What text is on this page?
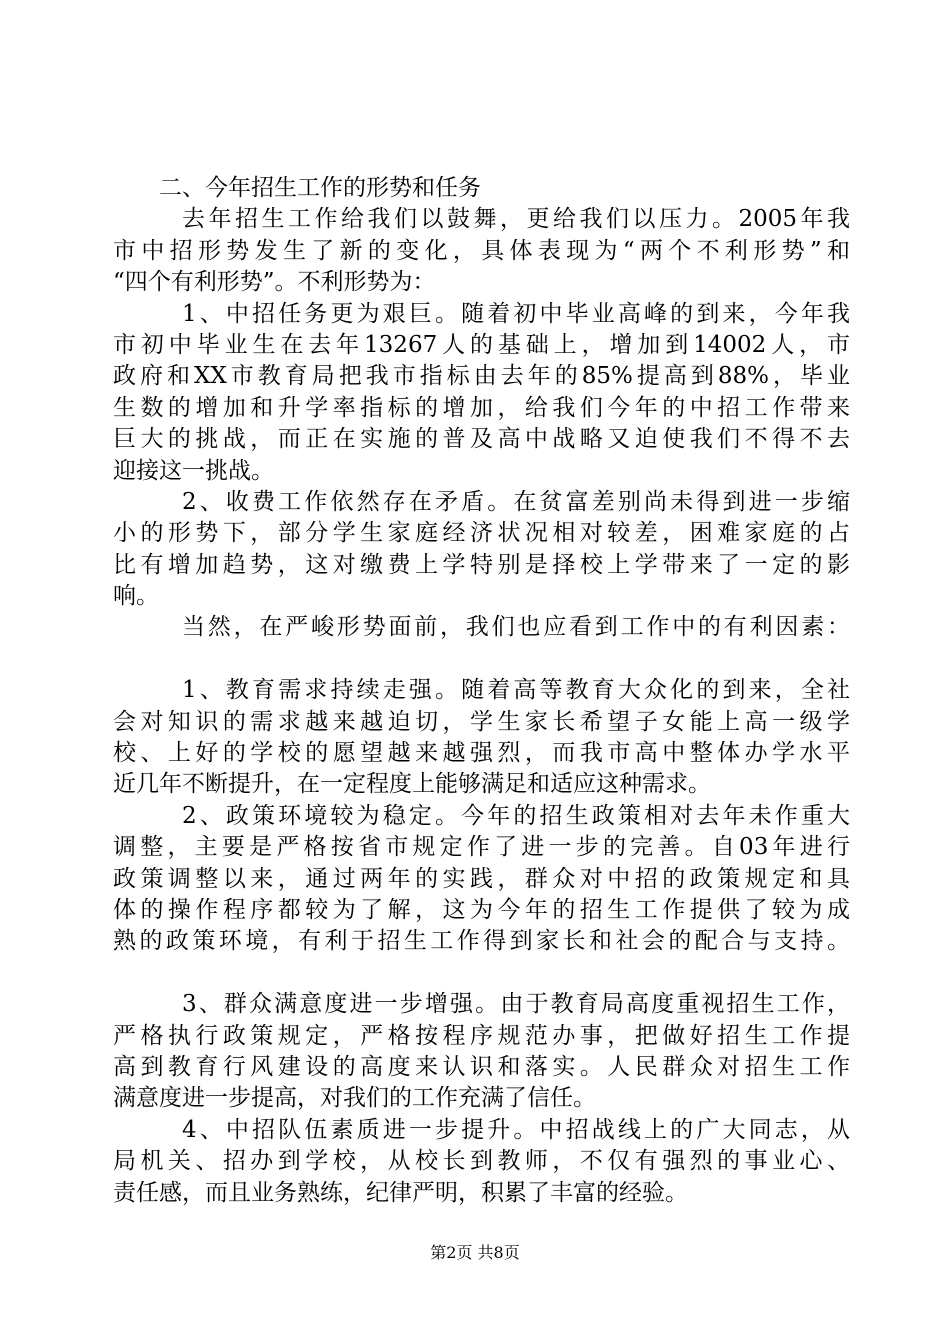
二、今年招生工作的形势和任务
去年招生工作给我们以鼓舞，更给我们以压力。2005年我
市中招形势发生了新的变化，具体表现为“两个不利形势”和
“四个有利形势”。不利形势为：
1、中招任务更为艰巨。随着初中毕业高峰的到来，今年我
市初中毕业生在去年13267人的基础上，增加到14002人，市
政府和XX市教育局把我市指标由去年的85%提高到88%，毕业
生数的增加和升学率指标的增加，给我们今年的中招工作带来
巨大的挑战，而正在实施的普及高中战略又迫使我们不得不去
迎接这一挑战。
2、收费工作依然存在矛盾。在贫富差别尚未得到进一步缩
小的形势下，部分学生家庭经济状况相对较差，困难家庭的占
比有增加趋势，这对缴费上学特别是择校上学带来了一定的影
响。
当然，在严峻形势面前，我们也应看到工作中的有利因素：
1、教育需求持续走强。随着高等教育大众化的到来，全社
会对知识的需求越来越迫切，学生家长希望子女能上高一级学
校、上好的学校的愿望越来越强烈，而我市高中整体办学水平
近几年不断提升，在一定程度上能够满足和适应这种需求。
2、政策环境较为稳定。今年的招生政策相对去年未作重大
调整，主要是严格按省市规定作了进一步的完善。自03年进行
政策调整以来，通过两年的实践，群众对中招的政策规定和具
体的操作程序都较为了解，这为今年的招生工作提供了较为成
熟的政策环境，有利于招生工作得到家长和社会的配合与支持。
3、群众满意度进一步增强。由于教育局高度重视招生工作，
严格执行政策规定，严格按程序规范办事，把做好招生工作提
高到教育行风建设的高度来认识和落实。人民群众对招生工作
满意度进一步提高，对我们的工作充满了信任。
4、中招队伍素质进一步提升。中招战线上的广大同志，从
局机关、招办到学校，从校长到教师，不仅有强烈的事业心、
责任感，而且业务熟练，纪律严明，积累了丰富的经验。
第2页 共8页
